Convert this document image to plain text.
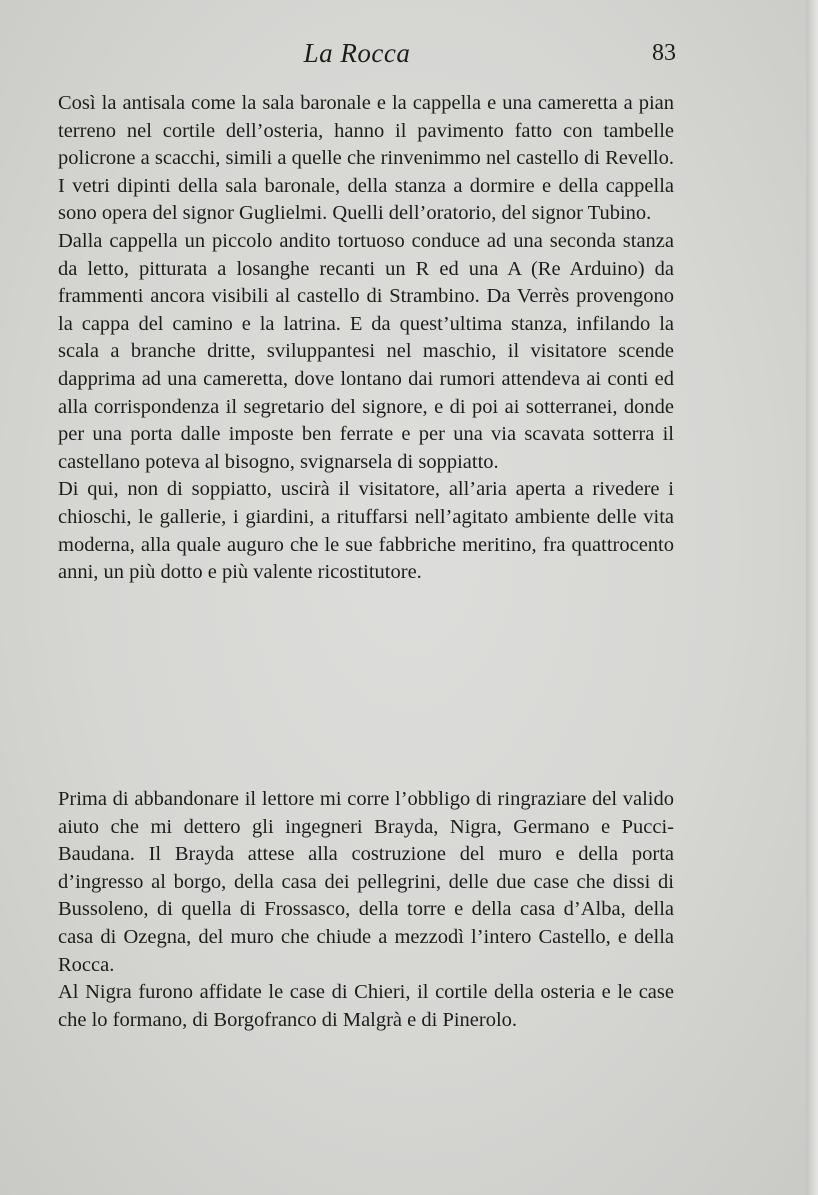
La Rocca	83

Così la antisala come la sala baronale e la cappella e una cameretta a pian terreno nel cortile dell’osteria, hanno il pavimento fatto con tambelle policrone a scacchi, simili a quelle che rinvenimmo nel castello di Revello. I vetri dipinti della sala baronale, della stanza a dormire e della cappella sono opera del signor Guglielmi. Quelli dell’oratorio, del signor Tubino.

Dalla cappella un piccolo andito tortuoso conduce ad una seconda stanza da letto, pitturata a losanghe recanti un R ed una A (Re Arduino) da frammenti ancora visibili al castello di Strambino. Da Verrès provengono la cappa del camino e la latrina. E da quest’ultima stanza, infilando la scala a branche dritte, sviluppantesi nel maschio, il visitatore scende dapprima ad una cameretta, dove lontano dai rumori attendeva ai conti ed alla corrispondenza il segretario del signore, e di poi ai sotterranei, donde per una porta dalle imposte ben ferrate e per una via scavata sotterra il castellano poteva al bisogno, svignarsela di soppiatto.

Di qui, non di soppiatto, uscirà il visitatore, all’aria aperta a rivedere i chioschi, le gallerie, i giardini, a rituffarsi nell’agitato ambiente delle vita moderna, alla quale auguro che le sue fabbriche meritino, fra quattrocento anni, un più dotto e più valente ricostitutore.

Prima di abbandonare il lettore mi corre l’obbligo di ringraziare del valido aiuto che mi dettero gli ingegneri Brayda, Nigra, Germano e Pucci-Baudana. Il Brayda attese alla costruzione del muro e della porta d’ingresso al borgo, della casa dei pellegrini, delle due case che dissi di Bussoleno, di quella di Frossasco, della torre e della casa d’Alba, della casa di Ozegna, del muro che chiude a mezzodì l’intero Castello, e della Rocca.

Al Nigra furono affidate le case di Chieri, il cortile della osteria e le case che lo formano, di Borgofranco di Malgrà e di Pinerolo.
